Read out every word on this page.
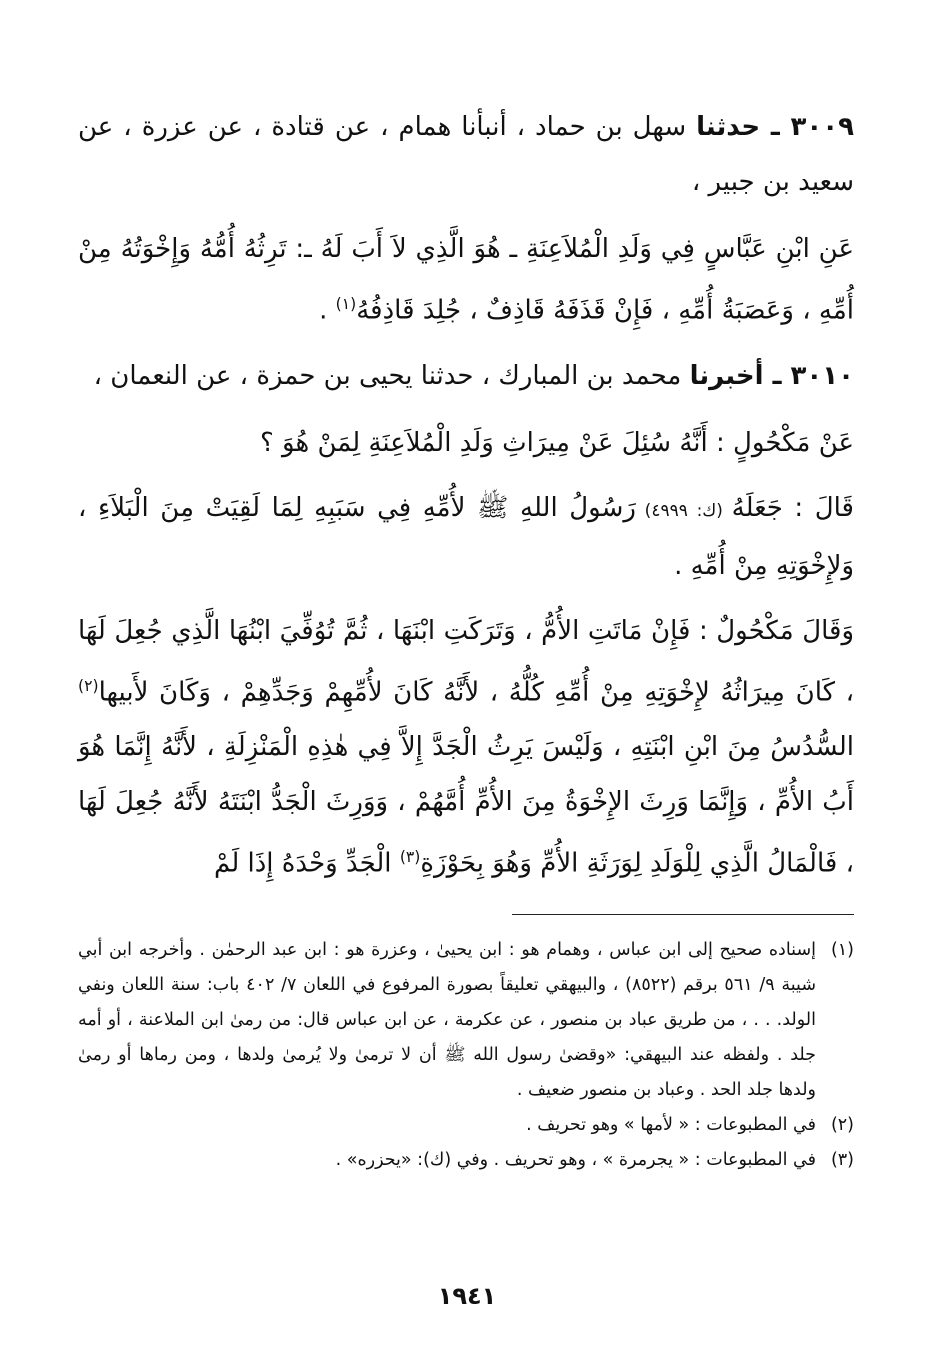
٣٠٠٩ ـ حدثنا سهل بن حماد ، أنبأنا همام ، عن قتادة ، عن عزرة ، عن سعيد بن جبير ،

عَنِ ابْنِ عَبَّاسٍ فِي وَلَدِ الْمُلاَعِنَةِ ـ هُوَ الَّذِي لاَ أَبَ لَهُ ـ: تَرِثُهُ أُمُّهُ وَإِخْوَتُهُ مِنْ أُمِّهِ ، وَعَصَبَةُ أُمِّهِ ، فَإِنْ قَذَفَهُ قَاذِفٌ ، جُلِدَ قَاذِفُهُ$^{(١)}$ .

٣٠١٠ ـ أخبرنا محمد بن المبارك ، حدثنا يحيى بن حمزة ، عن النعمان ،

عَنْ مَكْحُولٍ : أَنَّهُ سُئِلَ عَنْ مِيرَاثِ وَلَدِ الْمُلاَعِنَةِ لِمَنْ هُوَ ؟

قَالَ : جَعَلَهُ (ك: ٤٩٩٩) رَسُولُ اللهِ ﷺ لأُمِّهِ فِي سَبَبِهِ لِمَا لَقِيَتْ مِنَ الْبَلاَءِ ، وَلإِخْوَتِهِ مِنْ أُمِّهِ .

وَقَالَ مَكْحُولٌ : فَإِنْ مَاتَتِ الأُمُّ ، وَتَرَكَتِ ابْنَهَا ، ثُمَّ تُوُفِّيَ ابْنُهَا الَّذِي جُعِلَ لَهَا ، كَانَ مِيرَاثُهُ لإِخْوَتِهِ مِنْ أُمِّهِ كُلُّهُ ، لأَنَّهُ كَانَ لأُمِّهِمْ وَجَدِّهِمْ ، وَكَانَ لأَبيها$^{(٢)}$ السُّدُسُ مِنَ ابْنِ ابْنَتِهِ ، وَلَيْسَ يَرِثُ الْجَدَّ إِلاَّ فِي هٰذِهِ الْمَنْزِلَةِ ، لأَنَّهُ إِنَّمَا هُوَ أَبُ الأُمِّ ، وَإِنَّمَا وَرِثَ الإِخْوَةُ مِنَ الأُمِّ أُمَّهُمْ ، وَوَرِثَ الْجَدُّ ابْنَتَهُ لأَنَّهُ جُعِلَ لَهَا ، فَالْمَالُ الَّذِي لِلْوَلَدِ لِوَرَثَةِ الأُمِّ وَهُوَ بِحَوْزَةِ$^{(٣)}$ الْجَدِّ وَحْدَهُ إِذَا لَمْ

(١)
إسناده صحيح إلى ابن عباس ، وهمام هو : ابن يحيىٰ ، وعزرة هو : ابن عبد الرحمٰن . وأخرجه ابن أبي شيبة ٩/ ٥٦١ برقم (٨٥٢٢) ، والبيهقي تعليقاً بصورة المرفوع في اللعان ٧/ ٤٠٢ باب: سنة اللعان ونفي الولد. . . ، من طريق عباد بن منصور ، عن عكرمة ، عن ابن عباس قال: من رمىٰ ابن الملاعنة ، أو أمه جلد . ولفظه عند البيهقي: «وقضىٰ رسول الله ﷺ أن لا ترمىٰ ولا يُرمىٰ ولدها ، ومن رماها أو رمىٰ ولدها جلد الحد . وعباد بن منصور ضعيف .
(٢)
في المطبوعات : « لأمها » وهو تحريف .
(٣)
في المطبوعات : « يجرمرة » ، وهو تحريف . وفي (ك): «يحزره» .
١٩٤١
